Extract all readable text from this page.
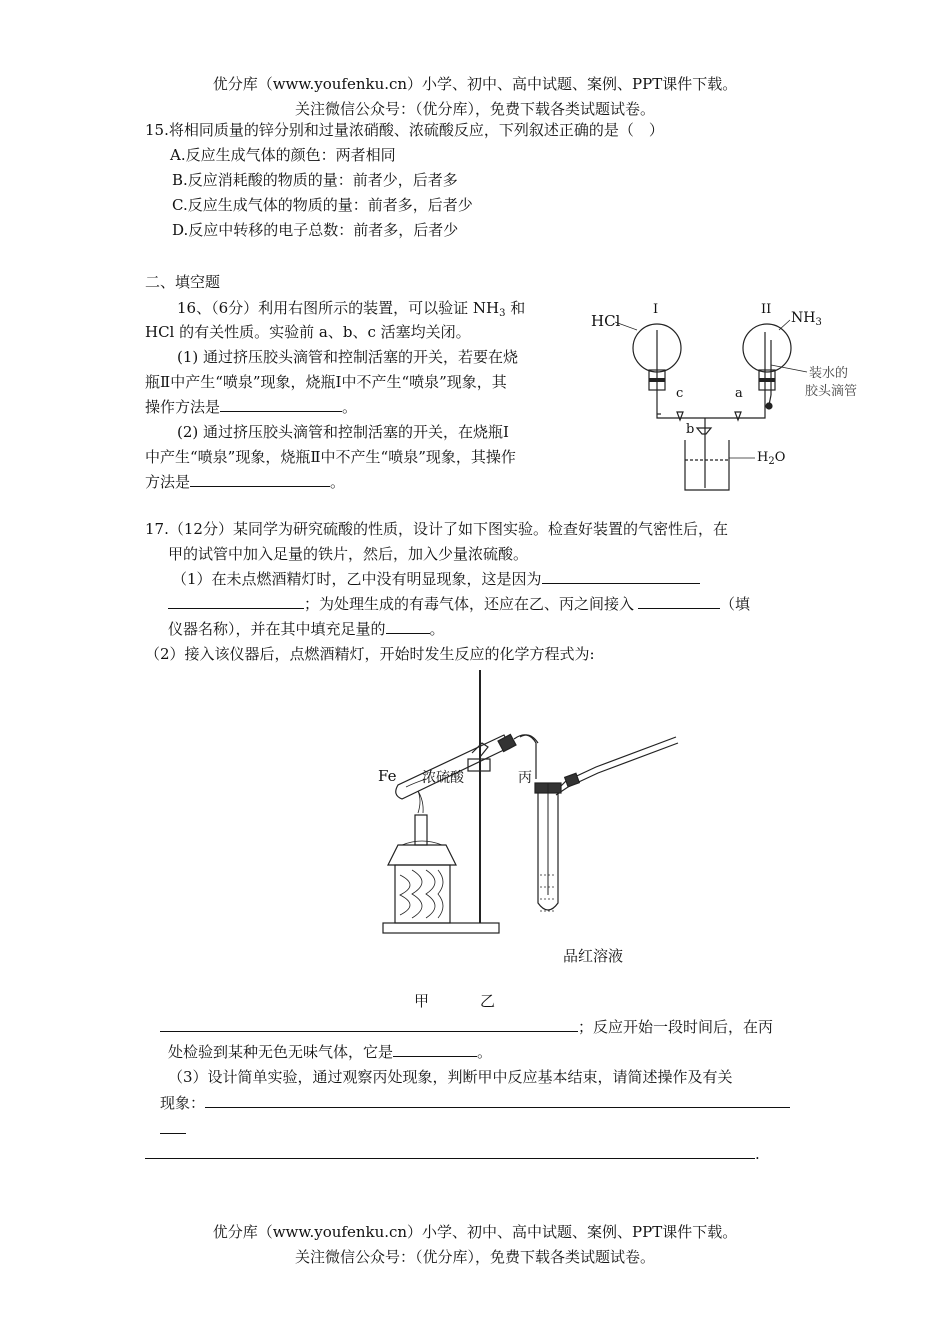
优分库（www.youfenku.cn）小学、初中、高中试题、案例、PPT课件下载。
关注微信公众号：（优分库），免费下载各类试题试卷。
15.将相同质量的锌分别和过量浓硝酸、浓硫酸反应，下列叙述正确的是（　）
A.反应生成气体的颜色：两者相同
B.反应消耗酸的物质的量：前者少，后者多
C.反应生成气体的物质的量：前者多，后者少
D.反应中转移的电子总数：前者多，后者少
二、填空题
16、（6分）利用右图所示的装置，可以验证 $NH_3$ 和
HCl 的有关性质。实验前 a、b、c 活塞均关闭。
(1) 通过挤压胶头滴管和控制活塞的开关，若要在烧
瓶Ⅱ中产生“喷泉”现象，烧瓶Ⅰ中不产生“喷泉”现象，其
操作方法是	。
(2) 通过挤压胶头滴管和控制活塞的开关，在烧瓶Ⅰ
中产生“喷泉”现象，烧瓶Ⅱ中不产生“喷泉”现象，其操作
方法是	。
HCl
I	II
$NH_3$
装水的
胶头滴管
c	a
b
$H_2O$
17.（12分）某同学为研究硫酸的性质，设计了如下图实验。检查好装置的气密性后，在
甲的试管中加入足量的铁片，然后，加入少量浓硫酸。
（1）在未点燃酒精灯时，乙中没有明显现象，这是因为
；为处理生成的有毒气体，还应在乙、丙之间接入	（填
仪器名称），并在其中填充足量的	。
（2）接入该仪器后，点燃酒精灯，开始时发生反应的化学方程式为:
Fe 浓硫酸	丙
品红溶液
甲	乙
；反应开始一段时间后，在丙
处检验到某种无色无味气体，它是	。
（3）设计简单实验，通过观察丙处现象，判断甲中反应基本结束，请简述操作及有关
现象：
.
优分库（www.youfenku.cn）小学、初中、高中试题、案例、PPT课件下载。
关注微信公众号：（优分库），免费下载各类试题试卷。
